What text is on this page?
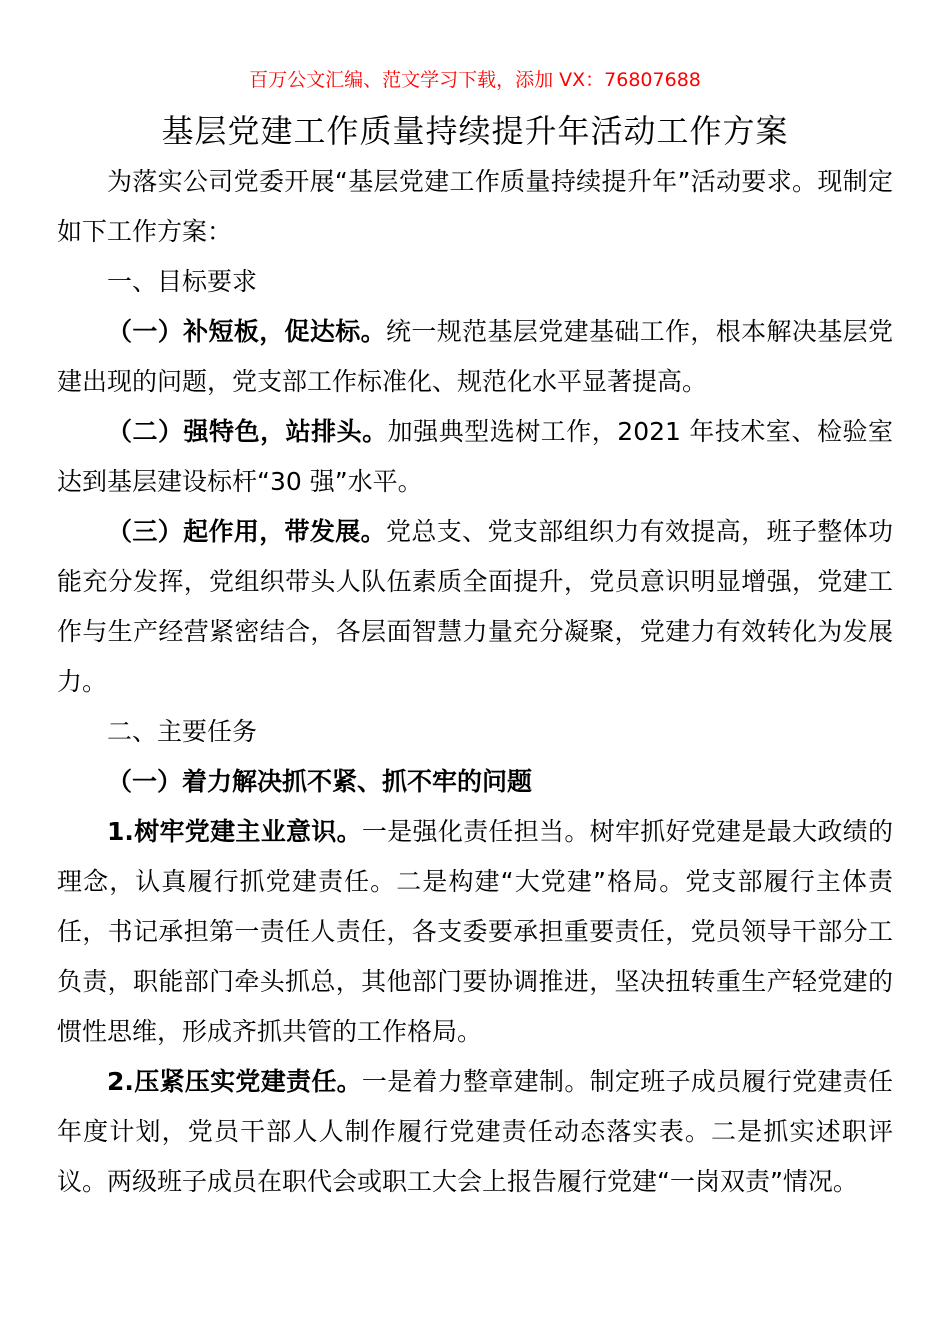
百万公文汇编、范文学习下载，添加 VX：76807688
基层党建工作质量持续提升年活动工作方案

为落实公司党委开展“基层党建工作质量持续提升年”活动要求。现制定如下工作方案：

一、目标要求

（一）补短板，促达标。统一规范基层党建基础工作，根本解决基层党建出现的问题，党支部工作标准化、规范化水平显著提高。

（二）强特色，站排头。加强典型选树工作，2021 年技术室、检验室达到基层建设标杆“30 强”水平。

（三）起作用，带发展。党总支、党支部组织力有效提高，班子整体功能充分发挥，党组织带头人队伍素质全面提升，党员意识明显增强，党建工作与生产经营紧密结合，各层面智慧力量充分凝聚，党建力有效转化为发展力。

二、主要任务

（一）着力解决抓不紧、抓不牢的问题

1.树牢党建主业意识。一是强化责任担当。树牢抓好党建是最大政绩的理念，认真履行抓党建责任。二是构建“大党建”格局。党支部履行主体责任，书记承担第一责任人责任，各支委要承担重要责任，党员领导干部分工负责，职能部门牵头抓总，其他部门要协调推进，坚决扭转重生产轻党建的惯性思维，形成齐抓共管的工作格局。

2.压紧压实党建责任。一是着力整章建制。制定班子成员履行党建责任年度计划，党员干部人人制作履行党建责任动态落实表。二是抓实述职评议。两级班子成员在职代会或职工大会上报告履行党建“一岗双责”情况。
